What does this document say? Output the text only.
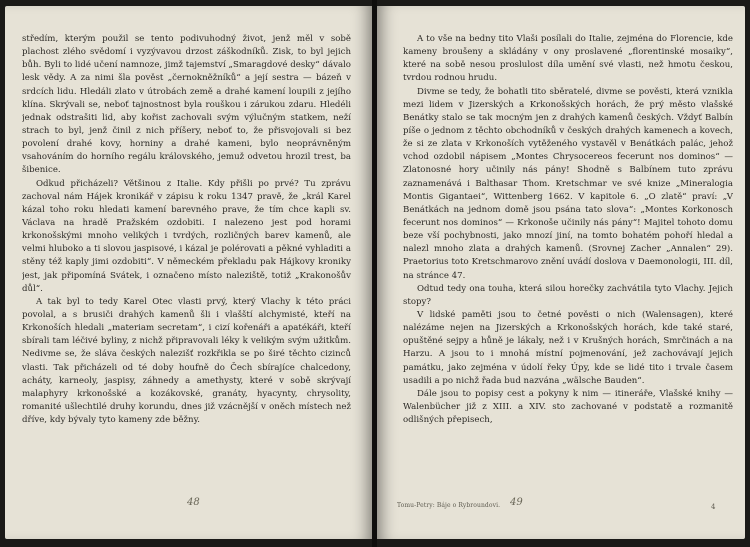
středím, kterým použil se tento podivuhodný život, jenž měl v sobě plachost zlého svědomí i vyzývavou drzost záškodníků. Zisk, to byl jejich bůh. Byli to lidé učení namnoze, jimž tajemství „Smaragdové desky“ dávalo lesk vědy. A za nimi šla pověst „černokněžníků“ a její sestra — bázeň v srdcích lidu. Hledáli zlato v útrobách země a drahé kamení loupili z jejího klína. Skrývali se, neboť tajnostnost byla rouškou i zárukou zdaru. Hledéli jednak odstrašiti lid, aby kořist zachovali svým výlučným statkem, neží strach to byl, jenž činil z nich příšery, neboť to, že přisvojovali si bez povolení drahé kovy, horniny a drahé kameni, bylo neoprávněným vsahováním do horního regálu královského, jemuž odvetou hrozil trest, ba šibenice.

Odkud přicházeli? Většinou z Italie. Kdy přišli po prvé? Tu zprávu zachoval nám Hájek kronikář v zápisu k roku 1347 pravě, že „král Karel kázal toho roku hledati kamení barevného prave, že tím chce kapli sv. Václava na hradě Pražském ozdobiti. I nalezeno jest pod horami krkonošskými mnoho velikých i tvrdých, rozličných barev kamenů, ale velmi hluboko a ti slovou jaspisové, i kázal je polérovati a pěkné vyhladiti a stěny též kaply jimi ozdobiti“. V německém překladu pak Hájkovy kroniky jest, jak připomíná Svátek, i označeno místo naleziště, totiž „Krakonošův důl“.

A tak byl to tedy Karel Otec vlasti prvý, který Vlachy k této práci povolal, a s brusiči drahých kamenů šli i vlašští alchymisté, kteří na Krkonoších hledali „materiam secretam“, i cizí kořenáři a apatékáři, kteří sbírali tam léčivé byliny, z nichž připravovali léky k velikým svým užitkům. Nedivme se, že sláva českých nalezišť rozkřikla se po širé těchto cizinců vlasti. Tak přicházeli od té doby houfně do Čech sbírajíce chalcedony, acháty, karneoly, jaspisy, záhnedy a amethysty, které v sobě skrývají malaphyry krkonošské a kozákovské, granáty, hyacynty, chrysolity, romanité ušlechtilé druhy korundu, dnes již vzácnější v oněch místech než dříve, kdy bývaly tyto kameny zde běžny.

48

A to vše na bedny tito Vlaši posílali do Italie, zejména do Florencie, kde kameny broušeny a skládány v ony proslavené „florentinské mosaiky“, které na sobě nesou proslulost díla umění své vlasti, než hmotu českou, tvrdou rodnou hrudu.

Divme se tedy, že bohatli tito sběratelé, divme se pověsti, která vznikla mezi lidem v Jizerských a Krkonošských horách, že prý město vlašské Benátky stalo se tak mocným jen z drahých kamenů českých. Vždyť Balbín píše o jednom z těchto obchodníků v českých drahých kamenech a kovech, že si ze zlata v Krkonoších vytěženého vystavěl v Benátkách palác, jehož vchod ozdobil nápisem „Montes Chrysocereos fecerunt nos dominos“ — Zlatonosné hory učinily nás pány! Shodně s Balbínem tuto zprávu zaznamenává i Balthasar Thom. Kretschmar ve své knize „Mineralogia Montis Gigantaei“, Wittenberg 1662. V kapitole 6. „O zlatě“ praví: „V Benátkách na jednom domě jsou psána tato slova“: „Montes Korkonosch fecerunt nos dominos“ — Krkonoše učinily nás pány“! Majitel tohoto domu beze vší pochybnosti, jako mnozí jiní, na tomto bohatém pohoří hledal a nalezl mnoho zlata a drahých kamenů. (Srovnej Zacher „Annalen“ 29). Praetorius toto Kretschmarovo znění uvádí doslova v Daemonologii, III. díl, na stránce 47.

Odtud tedy ona touha, která silou horečky zachvátila tyto Vlachy. Jejich stopy?

V lidské paměti jsou to četné pověsti o nich (Walensagen), které nalézáme nejen na Jizerských a Krkonošských horách, kde také staré, opuštěné sejpy a hůně je lákaly, než i v Krušných horách, Smrčinách a na Harzu. A jsou to i mnohá místní pojmenování, jež zachovávají jejich památku, jako zejména v údolí řeky Úpy, kde se lidé tito i trvale časem usadili a po nichž řada bud nazvána „wälsche Bauden“.

Dále jsou to popisy cest a pokyny k nim — itineráře, Vlašské knihy — Walenbücher již z XIII. a XIV. sto zachované v podstatě a rozmanitě odlišných přepisech,

Tomu-Petry: Báje o Rybroundovi. 49	4
